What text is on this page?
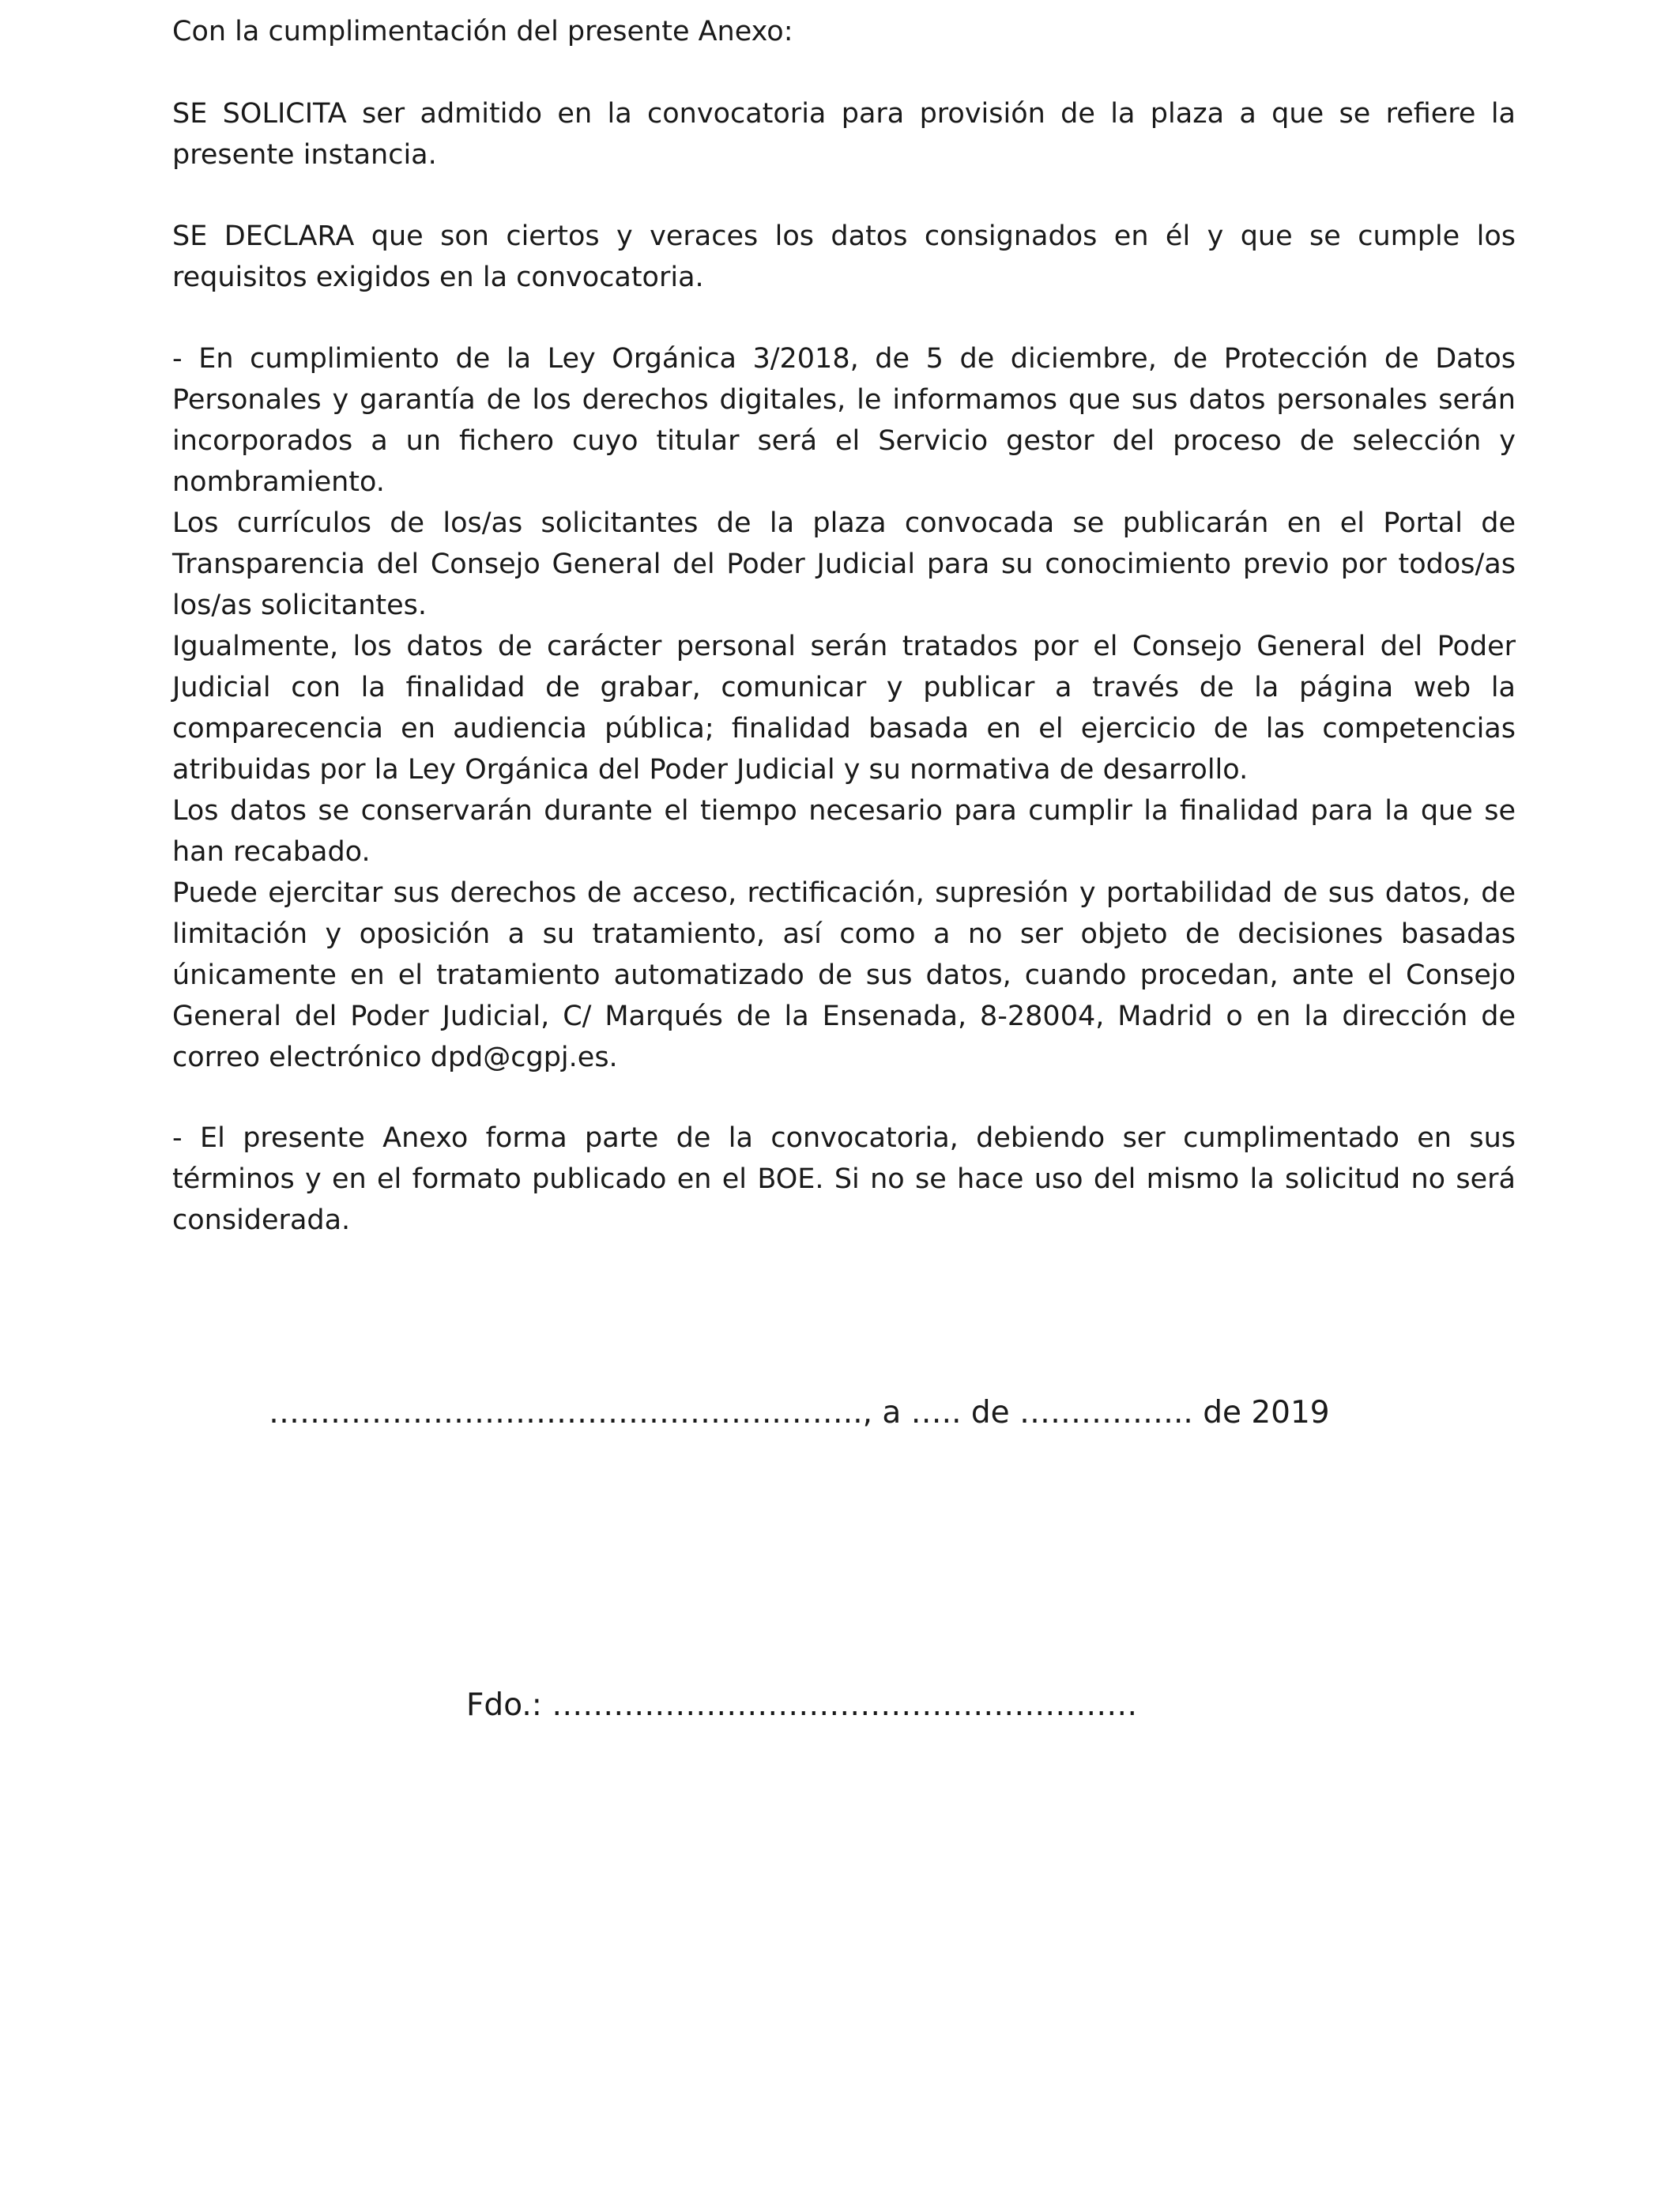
Con la cumplimentación del presente Anexo:

SE SOLICITA ser admitido en la convocatoria para provisión de la plaza a que se refiere la presente instancia.

SE DECLARA que son ciertos y veraces los datos consignados en él y que se cumple los requisitos exigidos en la convocatoria.

- En cumplimiento de la Ley Orgánica 3/2018, de 5 de diciembre, de Protección de Datos Personales y garantía de los derechos digitales, le informamos que sus datos personales serán incorporados a un fichero cuyo titular será el Servicio gestor del proceso de selección y nombramiento.

Los currículos de los/as solicitantes de la plaza convocada se publicarán en el Portal de Transparencia del Consejo General del Poder Judicial para su conocimiento previo por todos/as los/as solicitantes.

Igualmente, los datos de carácter personal serán tratados por el Consejo General del Poder Judicial con la finalidad de grabar, comunicar y publicar a través de la página web la comparecencia en audiencia pública; finalidad basada en el ejercicio de las competencias atribuidas por la Ley Orgánica del Poder Judicial y su normativa de desarrollo.

Los datos se conservarán durante el tiempo necesario para cumplir la finalidad para la que se han recabado.

Puede ejercitar sus derechos de acceso, rectificación, supresión y portabilidad de sus datos, de limitación y oposición a su tratamiento, así como a no ser objeto de decisiones basadas únicamente en el tratamiento automatizado de sus datos, cuando procedan, ante el Consejo General del Poder Judicial, C/ Marqués de la Ensenada, 8-28004, Madrid o en la dirección de correo electrónico dpd@cgpj.es.

- El presente Anexo forma parte de la convocatoria, debiendo ser cumplimentado en sus términos y en el formato publicado en el BOE. Si no se hace uso del mismo la solicitud no será considerada.

…………………………………………..…….., a ….. de …………….. de 2019
Fdo.: …………………………………………………
